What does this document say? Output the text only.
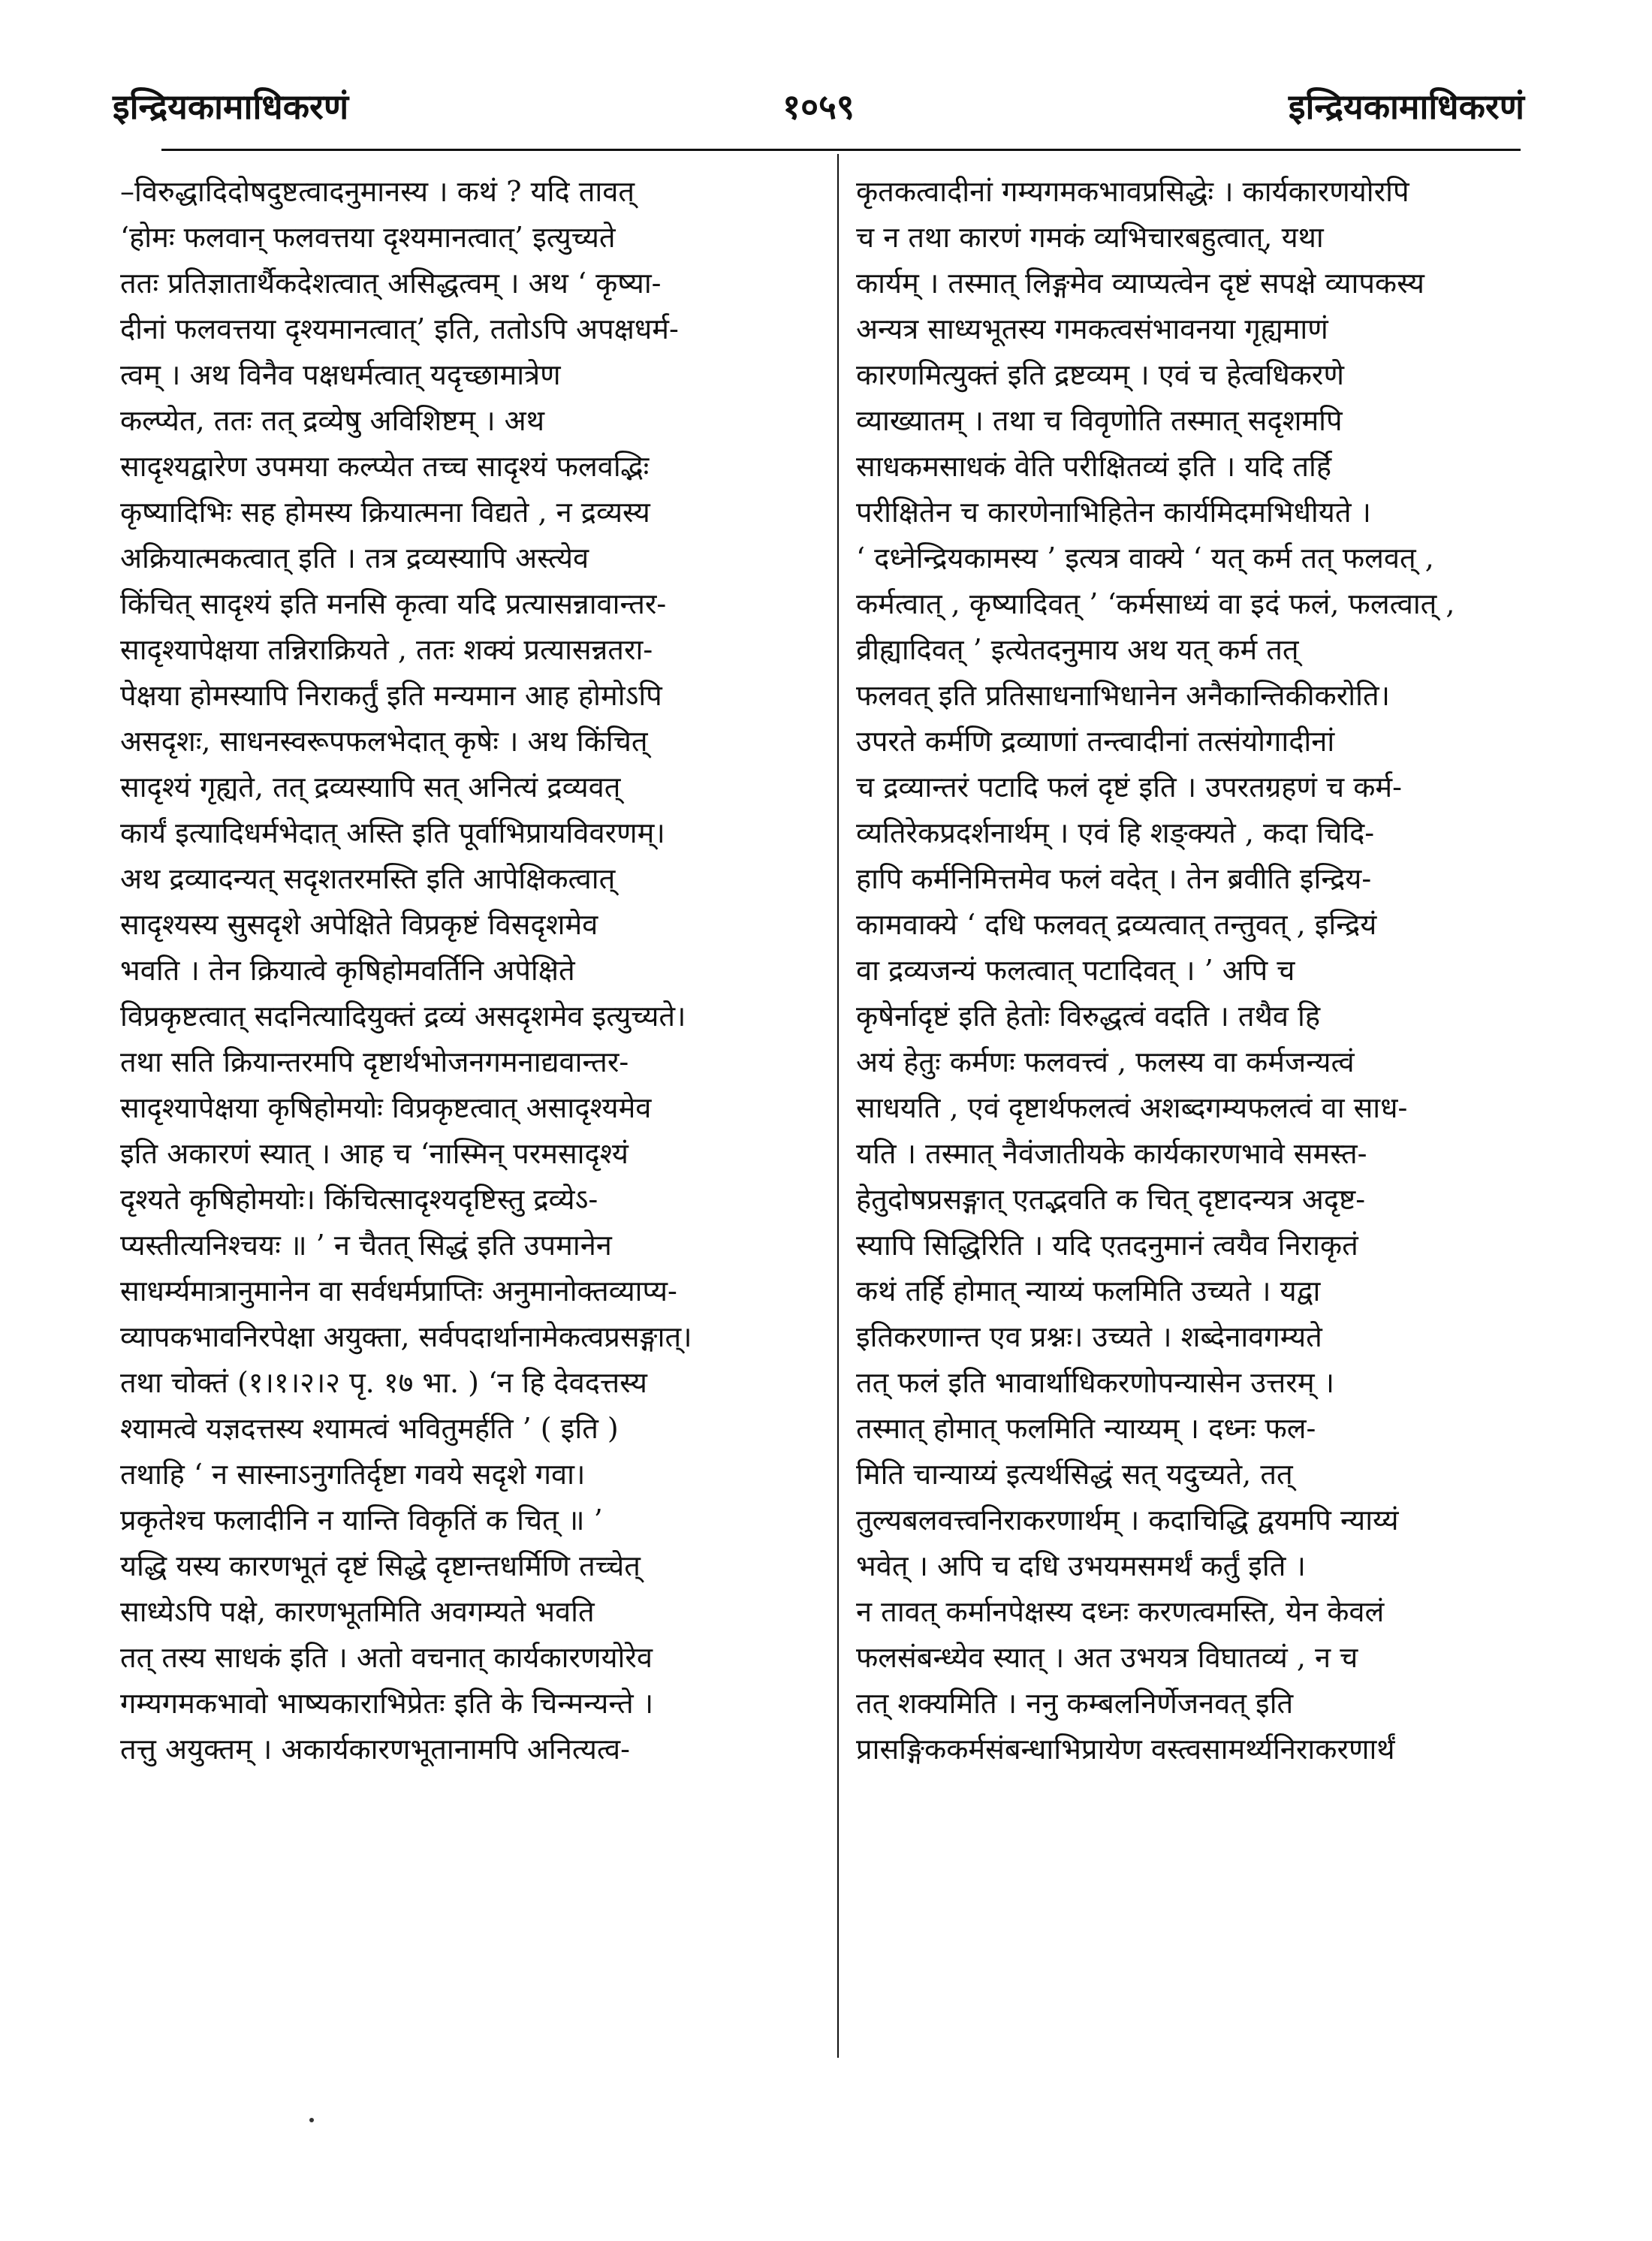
इन्द्रियकामाधिकरणं	१०५९	इन्द्रियकामाधिकरणं
–विरुद्धादिदोषदुष्टत्वादनुमानस्य । कथं ? यदि तावत्
‘होमः फलवान् फलवत्तया दृश्यमानत्वात्’ इत्युच्यते
ततः प्रतिज्ञातार्थैकदेशत्वात् असिद्धत्वम् । अथ ‘ कृष्या-
दीनां फलवत्तया दृश्यमानत्वात्’ इति, ततोऽपि अपक्षधर्म-
त्वम् । अथ विनैव पक्षधर्मत्वात् यदृच्छामात्रेण
कल्प्येत, ततः तत् द्रव्येषु अविशिष्टम् । अथ
सादृश्यद्वारेण उपमया कल्प्येत तच्च सादृश्यं फलवद्भिः
कृष्यादिभिः सह होमस्य क्रियात्मना विद्यते , न द्रव्यस्य
अक्रियात्मकत्वात् इति । तत्र द्रव्यस्यापि अस्त्येव
किंचित् सादृश्यं इति मनसि कृत्वा यदि प्रत्यासन्नावान्तर-
सादृश्यापेक्षया तन्निराक्रियते , ततः शक्यं प्रत्यासन्नतरा-
पेक्षया होमस्यापि निराकर्तुं इति मन्यमान आह होमोऽपि
असदृशः, साधनस्वरूपफलभेदात् कृषेः । अथ किंचित्
सादृश्यं गृह्यते, तत् द्रव्यस्यापि सत् अनित्यं द्रव्यवत्
कार्यं इत्यादिधर्मभेदात् अस्ति इति पूर्वाभिप्रायविवरणम्।
अथ द्रव्यादन्यत् सदृशतरमस्ति इति आपेक्षिकत्वात्
सादृश्यस्य सुसदृशे अपेक्षिते विप्रकृष्टं विसदृशमेव
भवति । तेन क्रियात्वे कृषिहोमवर्तिनि अपेक्षिते
विप्रकृष्टत्वात् सदनित्यादियुक्तं द्रव्यं असदृशमेव इत्युच्यते।
तथा सति क्रियान्तरमपि दृष्टार्थभोजनगमनाद्यवान्तर-
सादृश्यापेक्षया कृषिहोमयोः विप्रकृष्टत्वात् असादृश्यमेव
इति अकारणं स्यात् । आह च ‘नास्मिन् परमसादृश्यं
दृश्यते कृषिहोमयोः। किंचित्सादृश्यदृष्टिस्तु द्रव्येऽ-
प्यस्तीत्यनिश्चयः ॥ ’ न चैतत् सिद्धं इति उपमानेन
साधर्म्यमात्रानुमानेन वा सर्वधर्मप्राप्तिः अनुमानोक्तव्याप्य-
व्यापकभावनिरपेक्षा अयुक्ता, सर्वपदार्थानामेकत्वप्रसङ्गात्।
तथा चोक्तं (१।१।२।२ पृ. १७ भा. ) ‘न हि देवदत्तस्य
श्यामत्वे यज्ञदत्तस्य श्यामत्वं भवितुमर्हति ’ ( इति )
तथाहि ‘ न सास्नाऽनुगतिर्दृष्टा गवये सदृशे गवा।
प्रकृतेश्च फलादीनि न यान्ति विकृतिं क चित् ॥ ’
यद्धि यस्य कारणभूतं दृष्टं सिद्धे दृष्टान्तधर्मिणि तच्चेत्
साध्येऽपि पक्षे, कारणभूतमिति अवगम्यते भवति
तत् तस्य साधकं इति । अतो वचनात् कार्यकारणयोरेव
गम्यगमकभावो भाष्यकाराभिप्रेतः इति के चिन्मन्यन्ते ।
तत्तु अयुक्तम् । अकार्यकारणभूतानामपि अनित्यत्व-
कृतकत्वादीनां गम्यगमकभावप्रसिद्धेः । कार्यकारणयोरपि
च न तथा कारणं गमकं व्यभिचारबहुत्वात्, यथा
कार्यम् । तस्मात् लिङ्गमेव व्याप्यत्वेन दृष्टं सपक्षे व्यापकस्य
अन्यत्र साध्यभूतस्य गमकत्वसंभावनया गृह्यमाणं
कारणमित्युक्तं इति द्रष्टव्यम् । एवं च हेत्वधिकरणे
व्याख्यातम् । तथा च विवृणोति तस्मात् सदृशमपि
साधकमसाधकं वेति परीक्षितव्यं इति । यदि तर्हि
परीक्षितेन च कारणेनाभिहितेन कार्यमिदमभिधीयते ।
‘ दध्नेन्द्रियकामस्य ’ इत्यत्र वाक्ये ‘ यत् कर्म तत् फलवत् ,
कर्मत्वात् , कृष्यादिवत् ’ ‘कर्मसाध्यं वा इदं फलं, फलत्वात् ,
व्रीह्यादिवत् ’ इत्येतदनुमाय अथ यत् कर्म तत्
फलवत् इति प्रतिसाधनाभिधानेन अनैकान्तिकीकरोति।
उपरते कर्मणि द्रव्याणां तन्त्वादीनां तत्संयोगादीनां
च द्रव्यान्तरं पटादि फलं दृष्टं इति । उपरतग्रहणं च कर्म-
व्यतिरेकप्रदर्शनार्थम् । एवं हि शङ्क्यते , कदा चिदि-
हापि कर्मनिमित्तमेव फलं वदेत् । तेन ब्रवीति इन्द्रिय-
कामवाक्ये ‘ दधि फलवत् द्रव्यत्वात् तन्तुवत् , इन्द्रियं
वा द्रव्यजन्यं फलत्वात् पटादिवत् । ’ अपि च
कृषेर्नादृष्टं इति हेतोः विरुद्धत्वं वदति । तथैव हि
अयं हेतुः कर्मणः फलवत्त्वं , फलस्य वा कर्मजन्यत्वं
साधयति , एवं दृष्टार्थफलत्वं अशब्दगम्यफलत्वं वा साध-
यति । तस्मात् नैवंजातीयके कार्यकारणभावे समस्त-
हेतुदोषप्रसङ्गात् एतद्भवति क चित् दृष्टादन्यत्र अदृष्ट-
स्यापि सिद्धिरिति । यदि एतदनुमानं त्वयैव निराकृतं
कथं तर्हि होमात् न्याय्यं फलमिति उच्यते । यद्वा
इतिकरणान्त एव प्रश्नः। उच्यते । शब्देनावगम्यते
तत् फलं इति भावार्थाधिकरणोपन्यासेन उत्तरम् ।
तस्मात् होमात् फलमिति न्याय्यम् । दध्नः फल-
मिति चान्याय्यं इत्यर्थसिद्धं सत् यदुच्यते, तत्
तुल्यबलवत्त्वनिराकरणार्थम् । कदाचिद्धि द्वयमपि न्याय्यं
भवेत् । अपि च दधि उभयमसमर्थं कर्तुं इति ।
न तावत् कर्मानपेक्षस्य दध्नः करणत्वमस्ति, येन केवलं
फलसंबन्ध्येव स्यात् । अत उभयत्र विघातव्यं , न च
तत् शक्यमिति । ननु कम्बलनिर्णेजनवत् इति
प्रासङ्गिककर्मसंबन्धाभिप्रायेण वस्त्वसामर्थ्यनिराकरणार्थं
